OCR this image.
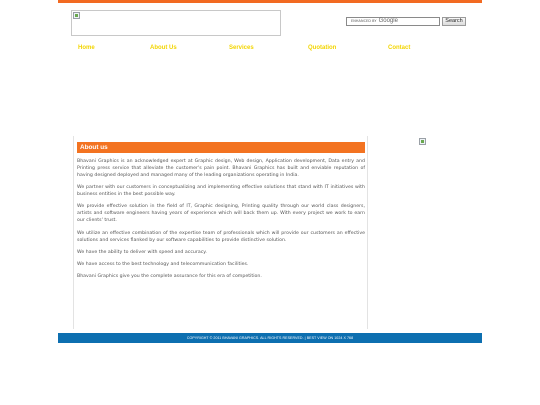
ENHANCED BY Google	Search
Home	About Us	Services	Quotation	Contact
About us

Bhavani Graphics is an acknowledged expert at Graphic design, Web design, Application development, Data entry and Printing press service that alleviate the customer's pain point. Bhavani Graphics has built and enviable reputation of having designed deployed and managed many of the leading organizations operating in India.

We partner with our customers in conceptualizing and implementing effective solutions that stand with IT initiatives with business entities in the best possible way.

We provide effective solution in the field of IT, Graphic designing, Printing quality through our world class designers, artists and software engineers having years of experience which will back them up. With every project we work to earn our clients' trust.

We utilize an effective combination of the expertise team of professionals which will provide our customers an effective solutions and services flanked by our software capabilities to provide distinctive solution.

We have the ability to deliver with speed and accuracy.

We have access to the best technology and telecommunication facilities.

Bhavani Graphics give you the complete assurance for this era of competition.

COPYRIGHT © 2011 BHAVANI GRAPHICS. ALL RIGHTS RESERVED. | BEST VIEW ON 1024 X 768
